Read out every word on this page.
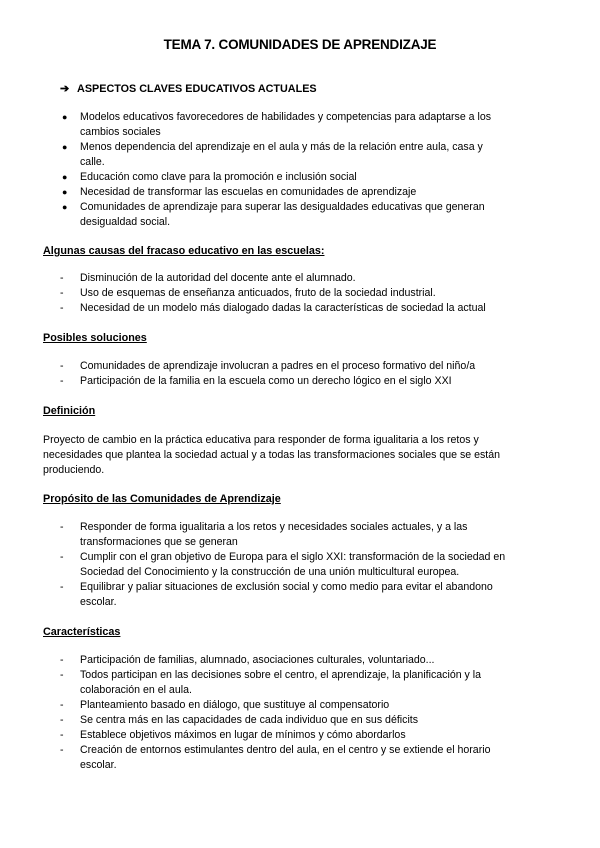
TEMA 7. COMUNIDADES DE APRENDIZAJE
➔ ASPECTOS CLAVES EDUCATIVOS ACTUALES
● Modelos educativos favorecedores de habilidades y competencias para adaptarse a los cambios sociales
● Menos dependencia del aprendizaje en el aula y más de la relación entre aula, casa y calle.
● Educación como clave para la promoción e inclusión social
● Necesidad de transformar las escuelas en comunidades de aprendizaje
● Comunidades de aprendizaje para superar las desigualdades educativas que generan desigualdad social.
Algunas causas del fracaso educativo en las escuelas:
- Disminución de la autoridad del docente ante el alumnado.
- Uso de esquemas de enseñanza anticuados, fruto de la sociedad industrial.
- Necesidad de un modelo más dialogado dadas la características de sociedad la actual
Posibles soluciones
- Comunidades de aprendizaje involucran a padres en el proceso formativo del niño/a
- Participación de la familia en la escuela como un derecho lógico en el siglo XXI
Definición

Proyecto de cambio en la práctica educativa para responder de forma igualitaria a los retos y necesidades que plantea la sociedad actual y a todas las transformaciones sociales que se están produciendo.

Propósito de las Comunidades de Aprendizaje
- Responder de forma igualitaria a los retos y necesidades sociales actuales, y a las transformaciones que se generan
- Cumplir con el gran objetivo de Europa para el siglo XXI: transformación de la sociedad en Sociedad del Conocimiento y la construcción de una unión multicultural europea.
- Equilibrar y paliar situaciones de exclusión social y como medio para evitar el abandono escolar.
Características
- Participación de familias, alumnado, asociaciones culturales, voluntariado...
- Todos participan en las decisiones sobre el centro, el aprendizaje, la planificación y la colaboración en el aula.
- Planteamiento basado en diálogo, que sustituye al compensatorio
- Se centra más en las capacidades de cada individuo que en sus déficits
- Establece objetivos máximos en lugar de mínimos y cómo abordarlos
- Creación de entornos estimulantes dentro del aula, en el centro y se extiende el horario escolar.
